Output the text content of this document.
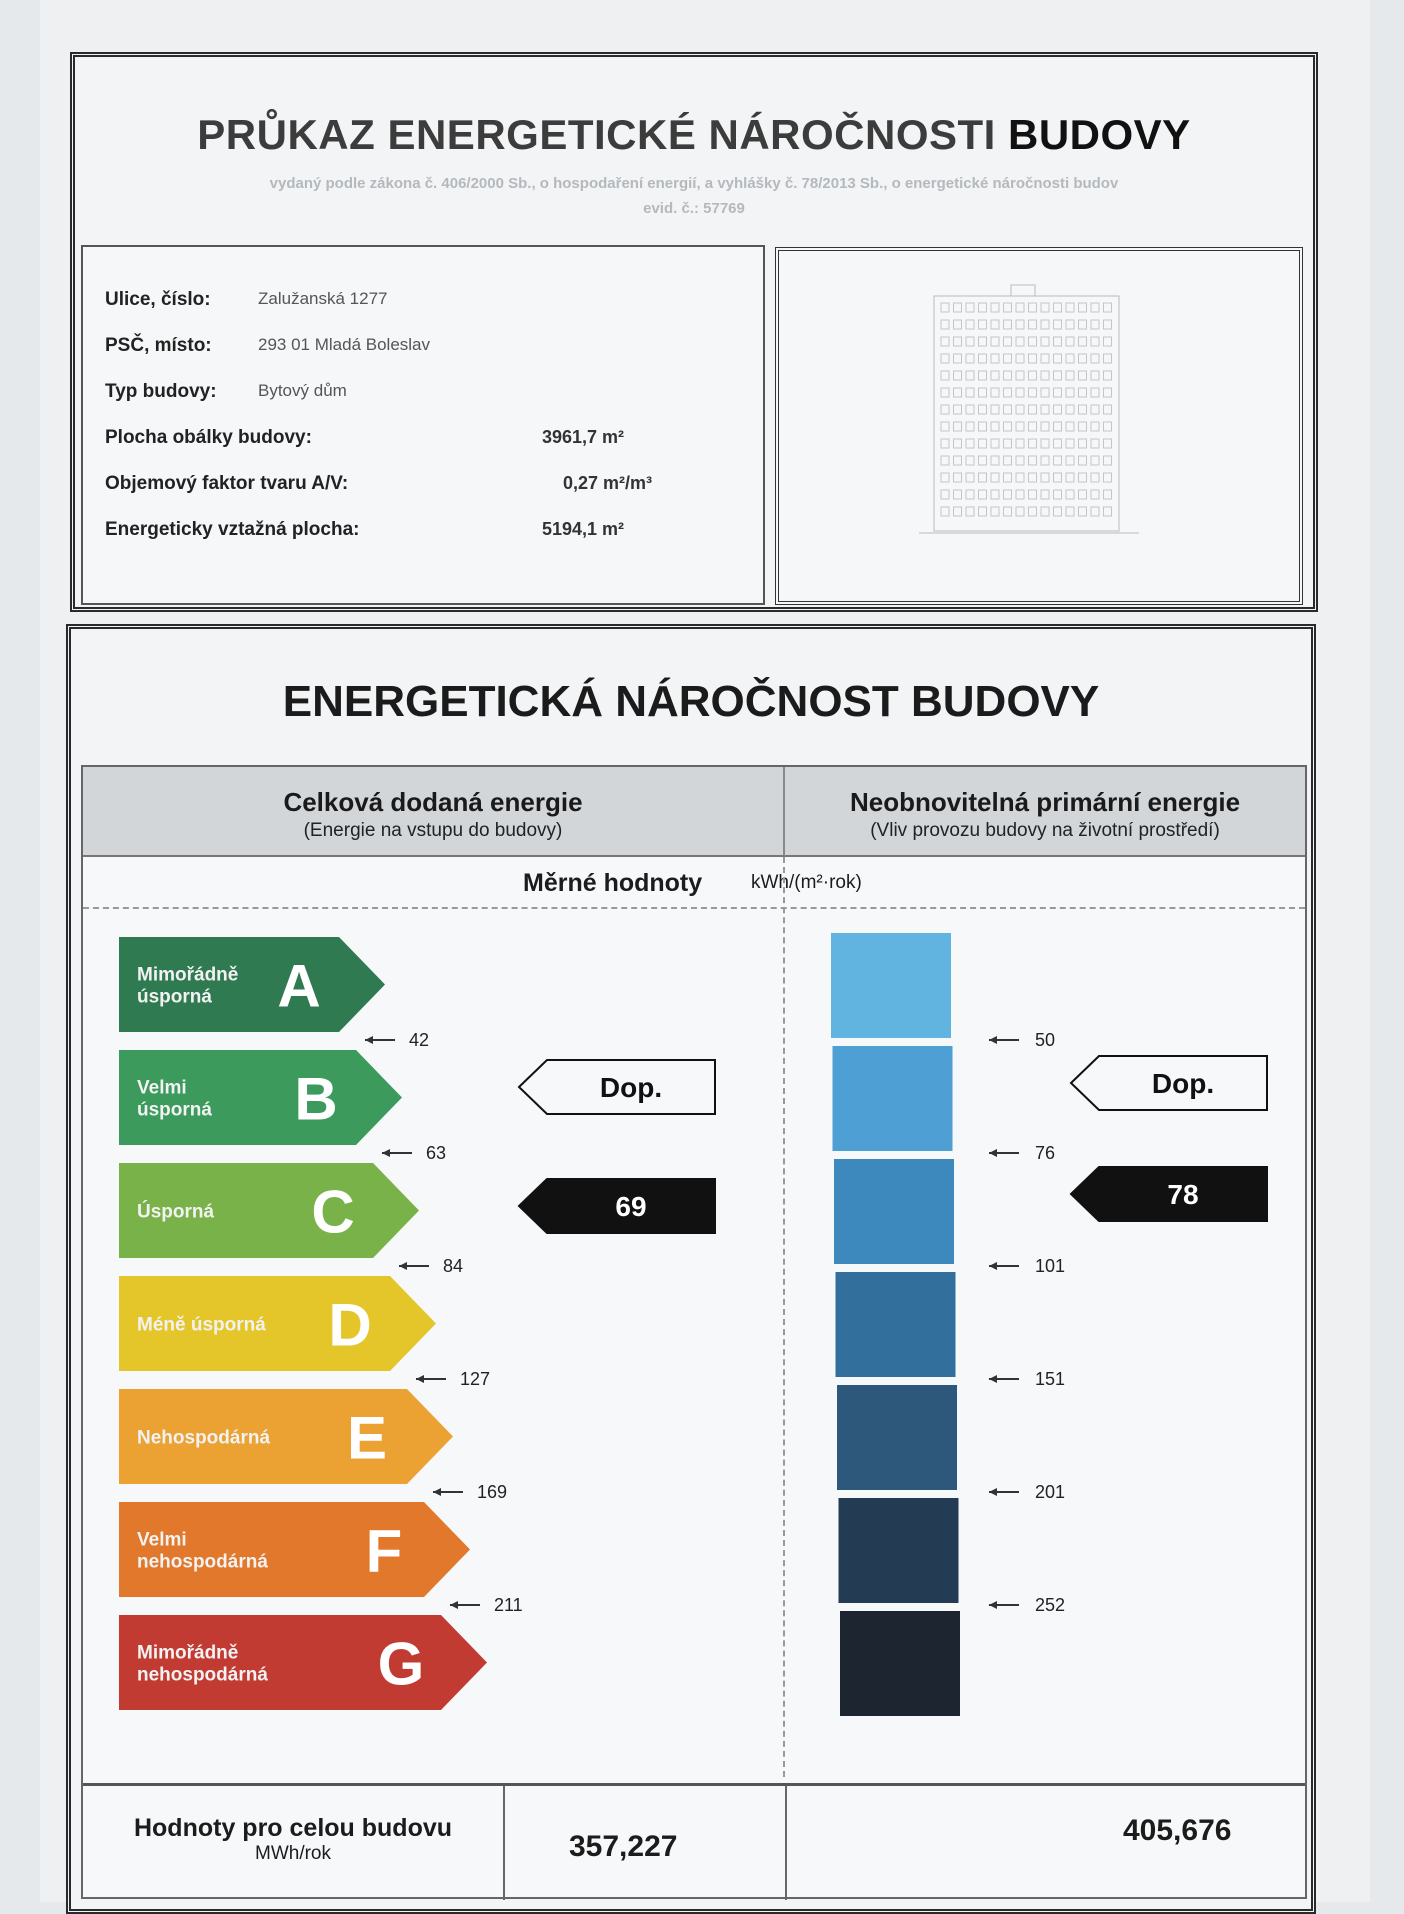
PRŮKAZ ENERGETICKÉ NÁROČNOSTI BUDOVY
vydaný podle zákona č. 406/2000 Sb., o hospodaření energií, a vyhlášky č. 78/2013 Sb., o energetické náročnosti budov
evid. č.: 57769
Ulice, číslo:	Zalužanská 1277
PSČ, místo:	293 01 Mladá Boleslav
Typ budovy: Bytový dům
Plocha obálky budovy:	3961,7 m²
Objemový faktor tvaru A/V:	0,27 m²/m³
Energeticky vztažná plocha:	5194,1 m²
ENERGETICKÁ NÁROČNOST BUDOVY
Celková dodaná energie
(Energie na vstupu do budovy)
Neobnovitelná primární energie
(Vliv provozu budovy na životní prostředí)
Měrné hodnoty	kWh/(m²·rok)
Mimořádně
úsporná A
42
Velmi
úsporná B
63
Úsporná C
84
Méně úsporná D
127
Nehospodárná E
169
Velmi
nehospodárná F
211
Mimořádně
nehospodárná G
50
76
101
151
201
252
Dop.
69
Dop.
78
Hodnoty pro celou budovu
MWh/rok	357,227	405,676
